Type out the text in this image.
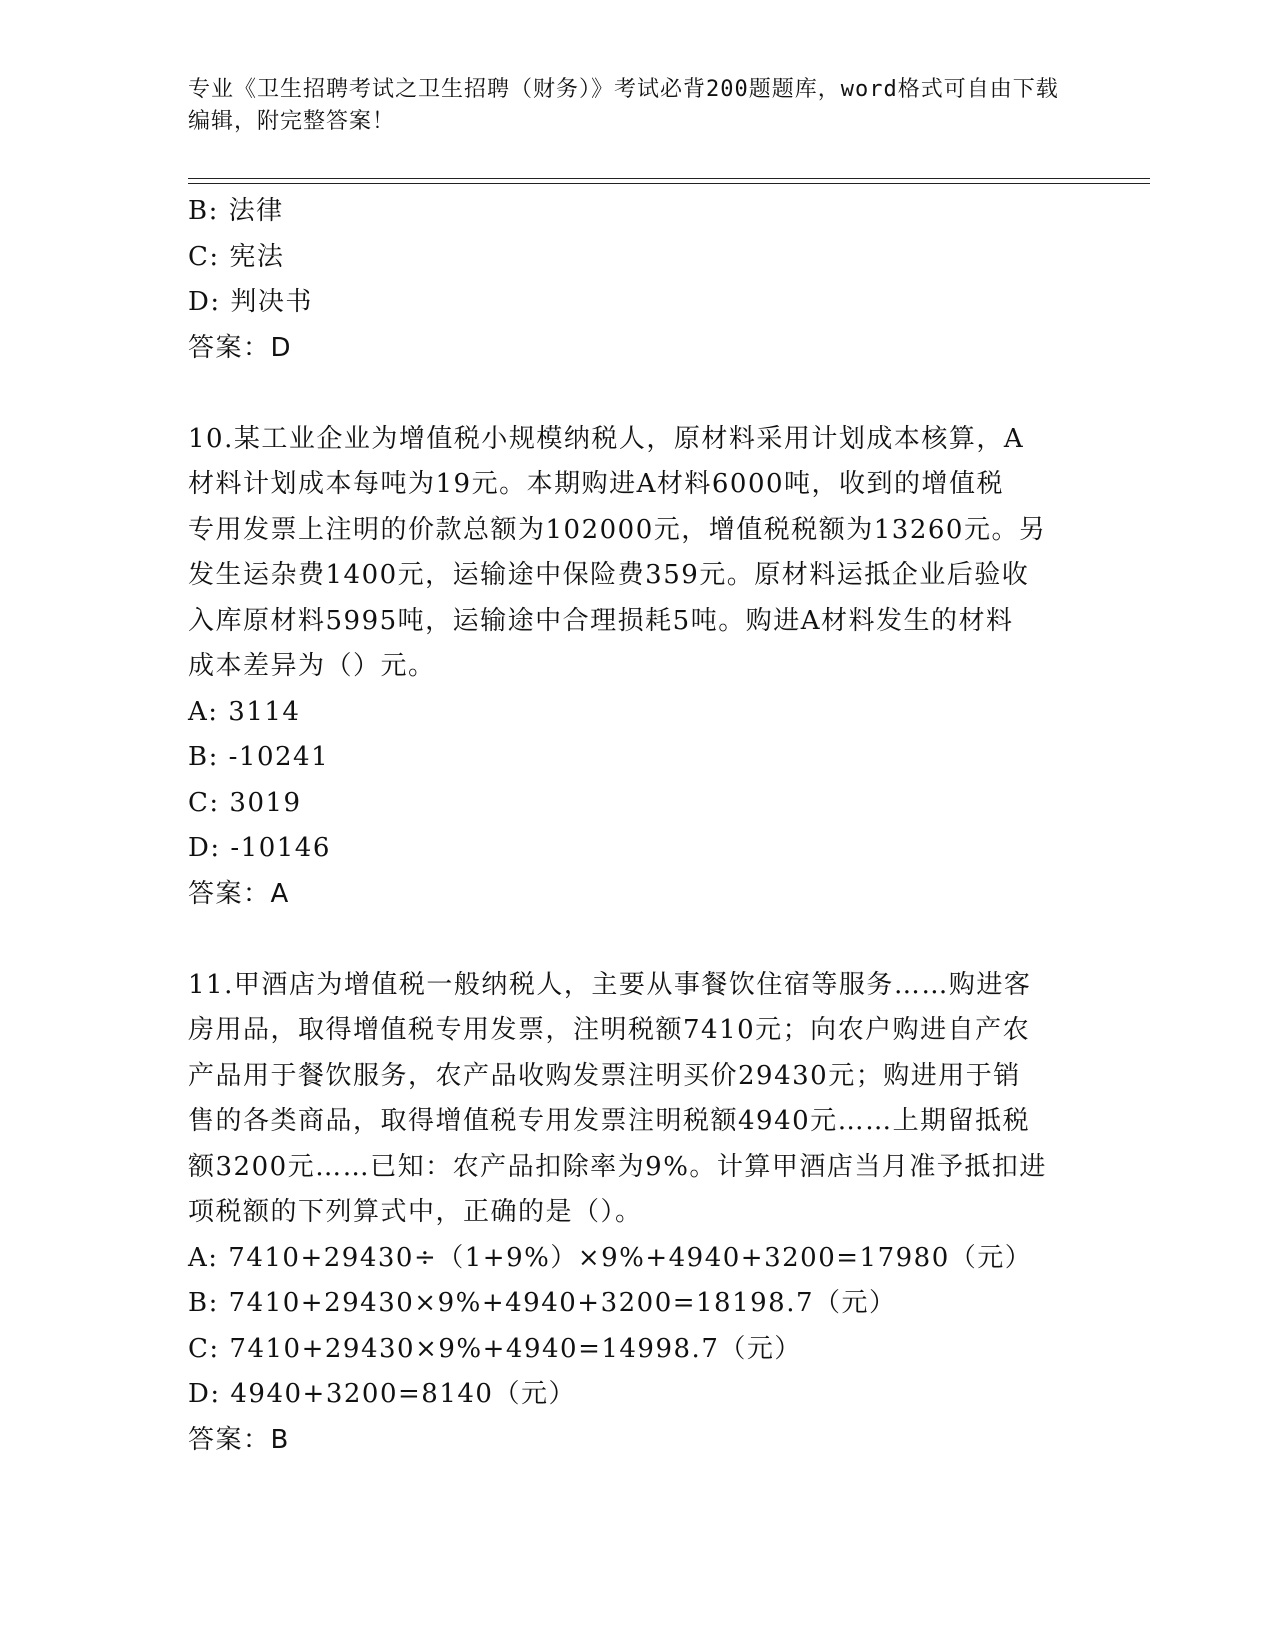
专业《卫生招聘考试之卫生招聘（财务）》考试必背200题题库，word格式可自由下载编辑，附完整答案！
B: 法律
C: 宪法
D: 判决书
答案：D
10.某工业企业为增值税小规模纳税人，原材料采用计划成本核算，A
材料计划成本每吨为19元。本期购进A材料6000吨，收到的增值税
专用发票上注明的价款总额为102000元，增值税税额为13260元。另
发生运杂费1400元，运输途中保险费359元。原材料运抵企业后验收
入库原材料5995吨，运输途中合理损耗5吨。购进A材料发生的材料
成本差异为（）元。
A: 3114
B: -10241
C: 3019
D: -10146
答案：A
11.甲酒店为增值税一般纳税人，主要从事餐饮住宿等服务……购进客
房用品，取得增值税专用发票，注明税额7410元；向农户购进自产农
产品用于餐饮服务，农产品收购发票注明买价29430元；购进用于销
售的各类商品，取得增值税专用发票注明税额4940元……上期留抵税
额3200元……已知：农产品扣除率为9%。计算甲酒店当月准予抵扣进
项税额的下列算式中，正确的是（）。
A: 7410+29430÷（1+9%）×9%+4940+3200=17980（元）
B: 7410+29430×9%+4940+3200=18198.7（元）
C: 7410+29430×9%+4940=14998.7（元）
D: 4940+3200=8140（元）
答案：B
